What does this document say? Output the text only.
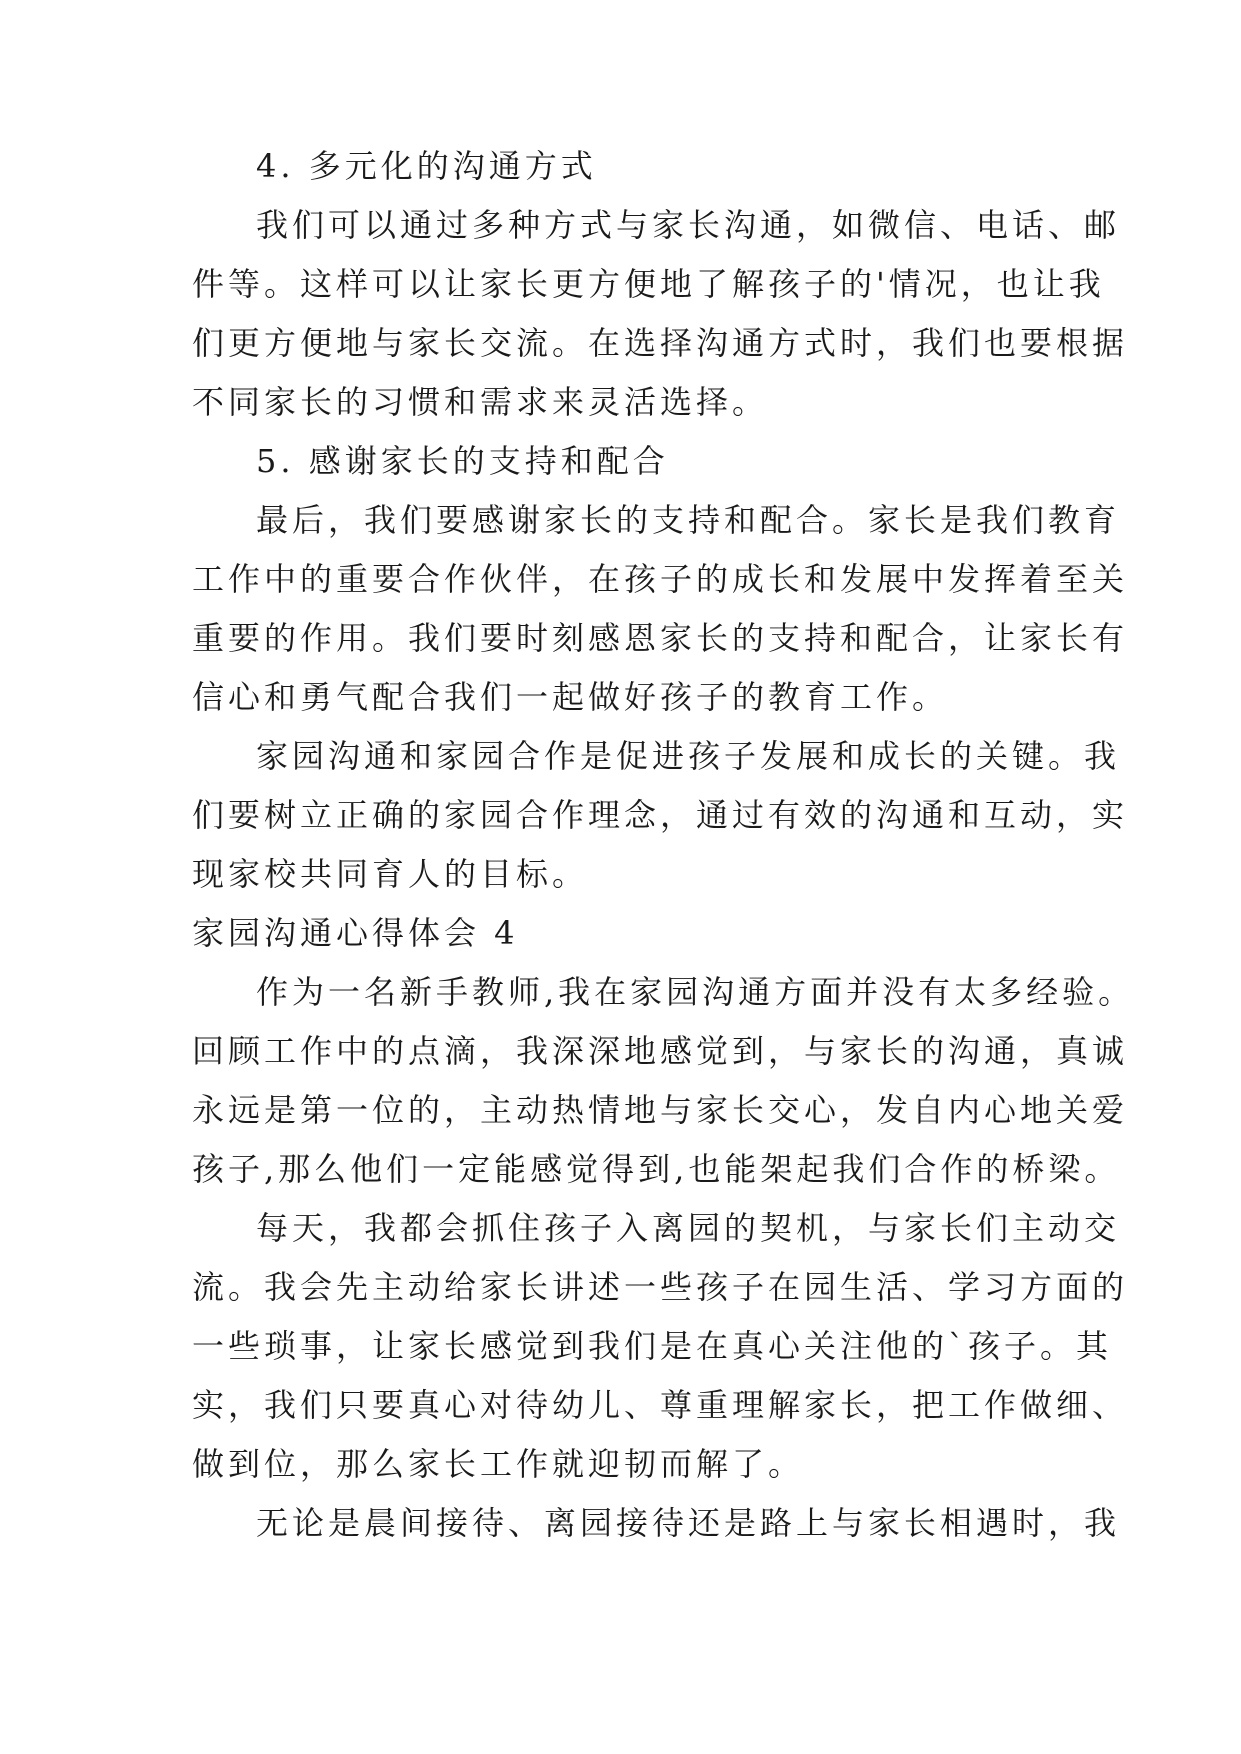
4. 多元化的沟通方式
我们可以通过多种方式与家长沟通，如微信、电话、邮
件等。这样可以让家长更方便地了解孩子的'情况，也让我
们更方便地与家长交流。在选择沟通方式时，我们也要根据
不同家长的习惯和需求来灵活选择。
5. 感谢家长的支持和配合
最后，我们要感谢家长的支持和配合。家长是我们教育
工作中的重要合作伙伴，在孩子的成长和发展中发挥着至关
重要的作用。我们要时刻感恩家长的支持和配合，让家长有
信心和勇气配合我们一起做好孩子的教育工作。
家园沟通和家园合作是促进孩子发展和成长的关键。我
们要树立正确的家园合作理念，通过有效的沟通和互动，实
现家校共同育人的目标。
家园沟通心得体会 4
作为一名新手教师,我在家园沟通方面并没有太多经验。
回顾工作中的点滴，我深深地感觉到，与家长的沟通，真诚
永远是第一位的，主动热情地与家长交心，发自内心地关爱
孩子,那么他们一定能感觉得到,也能架起我们合作的桥梁。
每天，我都会抓住孩子入离园的契机，与家长们主动交
流。我会先主动给家长讲述一些孩子在园生活、学习方面的
一些琐事，让家长感觉到我们是在真心关注他的`孩子。其
实，我们只要真心对待幼儿、尊重理解家长，把工作做细、
做到位，那么家长工作就迎韧而解了。
无论是晨间接待、离园接待还是路上与家长相遇时，我
